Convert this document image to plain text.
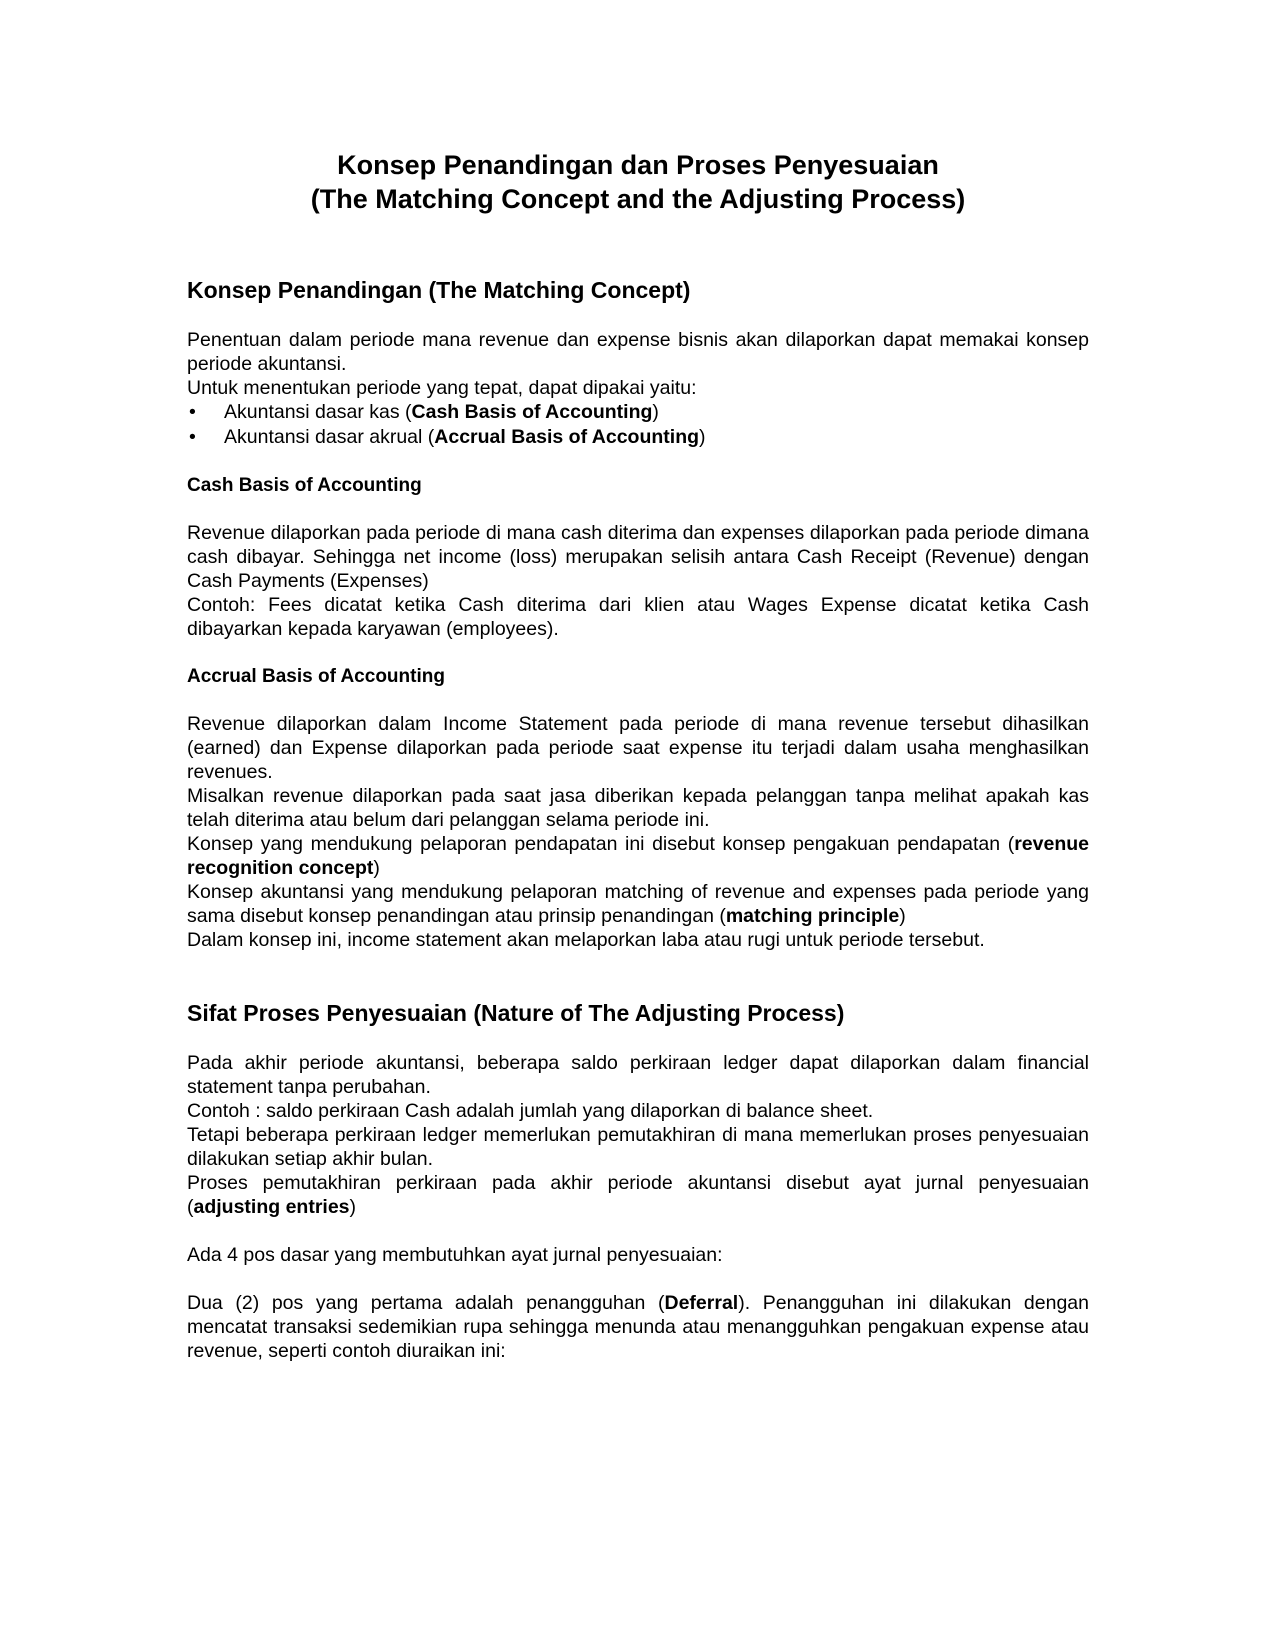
Konsep Penandingan dan Proses Penyesuaian
(The Matching Concept and the Adjusting Process)
Konsep Penandingan (The Matching Concept)

Penentuan dalam periode mana revenue dan expense bisnis akan dilaporkan dapat memakai konsep periode akuntansi.

Untuk menentukan periode yang tepat, dapat dipakai yaitu:

• Akuntansi dasar kas (Cash Basis of Accounting)
• Akuntansi dasar akrual (Accrual Basis of Accounting)
Cash Basis of Accounting

Revenue dilaporkan pada periode di mana cash diterima dan expenses dilaporkan pada periode dimana cash dibayar. Sehingga net income (loss) merupakan selisih antara Cash Receipt (Revenue) dengan Cash Payments (Expenses)

Contoh: Fees dicatat ketika Cash diterima dari klien atau Wages Expense dicatat ketika Cash dibayarkan kepada karyawan (employees).

Accrual Basis of Accounting

Revenue dilaporkan dalam Income Statement pada periode di mana revenue tersebut dihasilkan (earned) dan Expense dilaporkan pada periode saat expense itu terjadi dalam usaha menghasilkan revenues.

Misalkan revenue dilaporkan pada saat jasa diberikan kepada pelanggan tanpa melihat apakah kas telah diterima atau belum dari pelanggan selama periode ini.

Konsep yang mendukung pelaporan pendapatan ini disebut konsep pengakuan pendapatan (revenue recognition concept)

Konsep akuntansi yang mendukung pelaporan matching of revenue and expenses pada periode yang sama disebut konsep penandingan atau prinsip penandingan (matching principle)

Dalam konsep ini, income statement akan melaporkan laba atau rugi untuk periode tersebut.

Sifat Proses Penyesuaian (Nature of The Adjusting Process)

Pada akhir periode akuntansi, beberapa saldo perkiraan ledger dapat dilaporkan dalam financial statement tanpa perubahan.

Contoh : saldo perkiraan Cash adalah jumlah yang dilaporkan di balance sheet.

Tetapi beberapa perkiraan ledger memerlukan pemutakhiran di mana memerlukan proses penyesuaian dilakukan setiap akhir bulan.

Proses pemutakhiran perkiraan pada akhir periode akuntansi disebut ayat jurnal penyesuaian (adjusting entries)

Ada 4 pos dasar yang membutuhkan ayat jurnal penyesuaian:

Dua (2) pos yang pertama adalah penangguhan (Deferral). Penangguhan ini dilakukan dengan mencatat transaksi sedemikian rupa sehingga menunda atau menangguhkan pengakuan expense atau revenue, seperti contoh diuraikan ini:
